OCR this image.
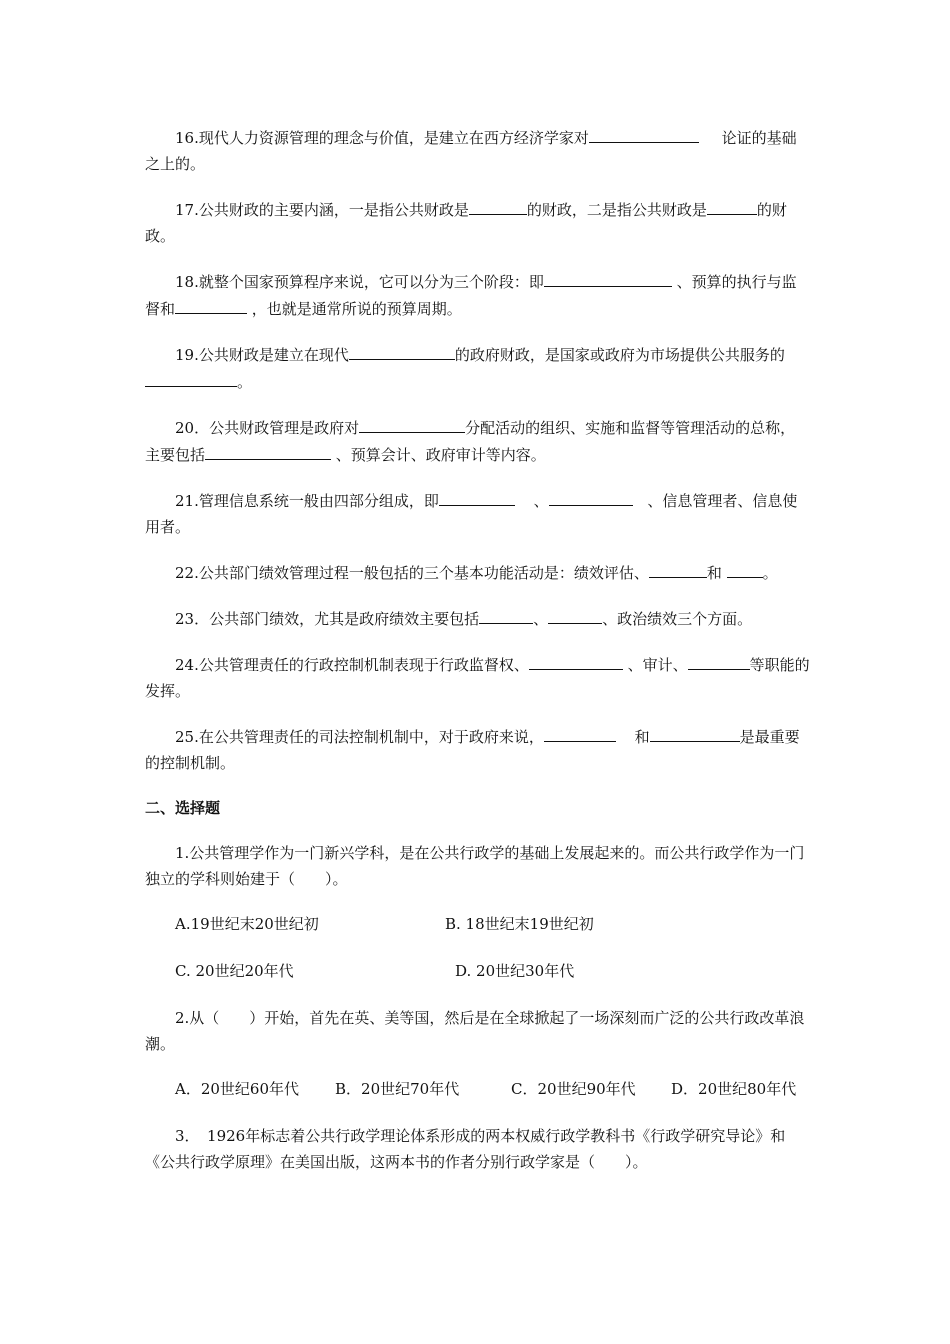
16.现代人力资源管理的理念与价值，是建立在西方经济学家对	论证的基础之上的。

17.公共财政的主要内涵，一是指公共财政是	的财政，二是指公共财政是	的财政。

18.就整个国家预算程序来说，它可以分为三个阶段：即	、预算的执行与监督和	，也就是通常所说的预算周期。

19.公共财政是建立在现代	的政府财政，是国家或政府为市场提供公共服务的。

20．公共财政管理是政府对	分配活动的组织、实施和监督等管理活动的总称，主要包括	、预算会计、政府审计等内容。

21.管理信息系统一般由四部分组成，即	、	、信息管理者、信息使用者。

22.公共部门绩效管理过程一般包括的三个基本功能活动是：绩效评估、	和 。

23．公共部门绩效，尤其是政府绩效主要包括	、	、政治绩效三个方面。

24.公共管理责任的行政控制机制表现于行政监督权、	、审计、	等职能的发挥。

25.在公共管理责任的司法控制机制中，对于政府来说，	和	是最重要的控制机制。

二、选择题

1.公共管理学作为一门新兴学科，是在公共行政学的基础上发展起来的。而公共行政学作为一门独立的学科则始建于（　　）。

A.19世纪末20世纪初	B. 18世纪末19世纪初
C. 20世纪20年代	D. 20世纪30年代

2.从（　　）开始，首先在英、美等国，然后是在全球掀起了一场深刻而广泛的公共行政改革浪潮。

A．20世纪60年代 B．20世纪70年代	C．20世纪90年代 D．20世纪80年代

3．　1926年标志着公共行政学理论体系形成的两本权威行政学教科书《行政学研究导论》和《公共行政学原理》在美国出版，这两本书的作者分别行政学家是（　　）。
